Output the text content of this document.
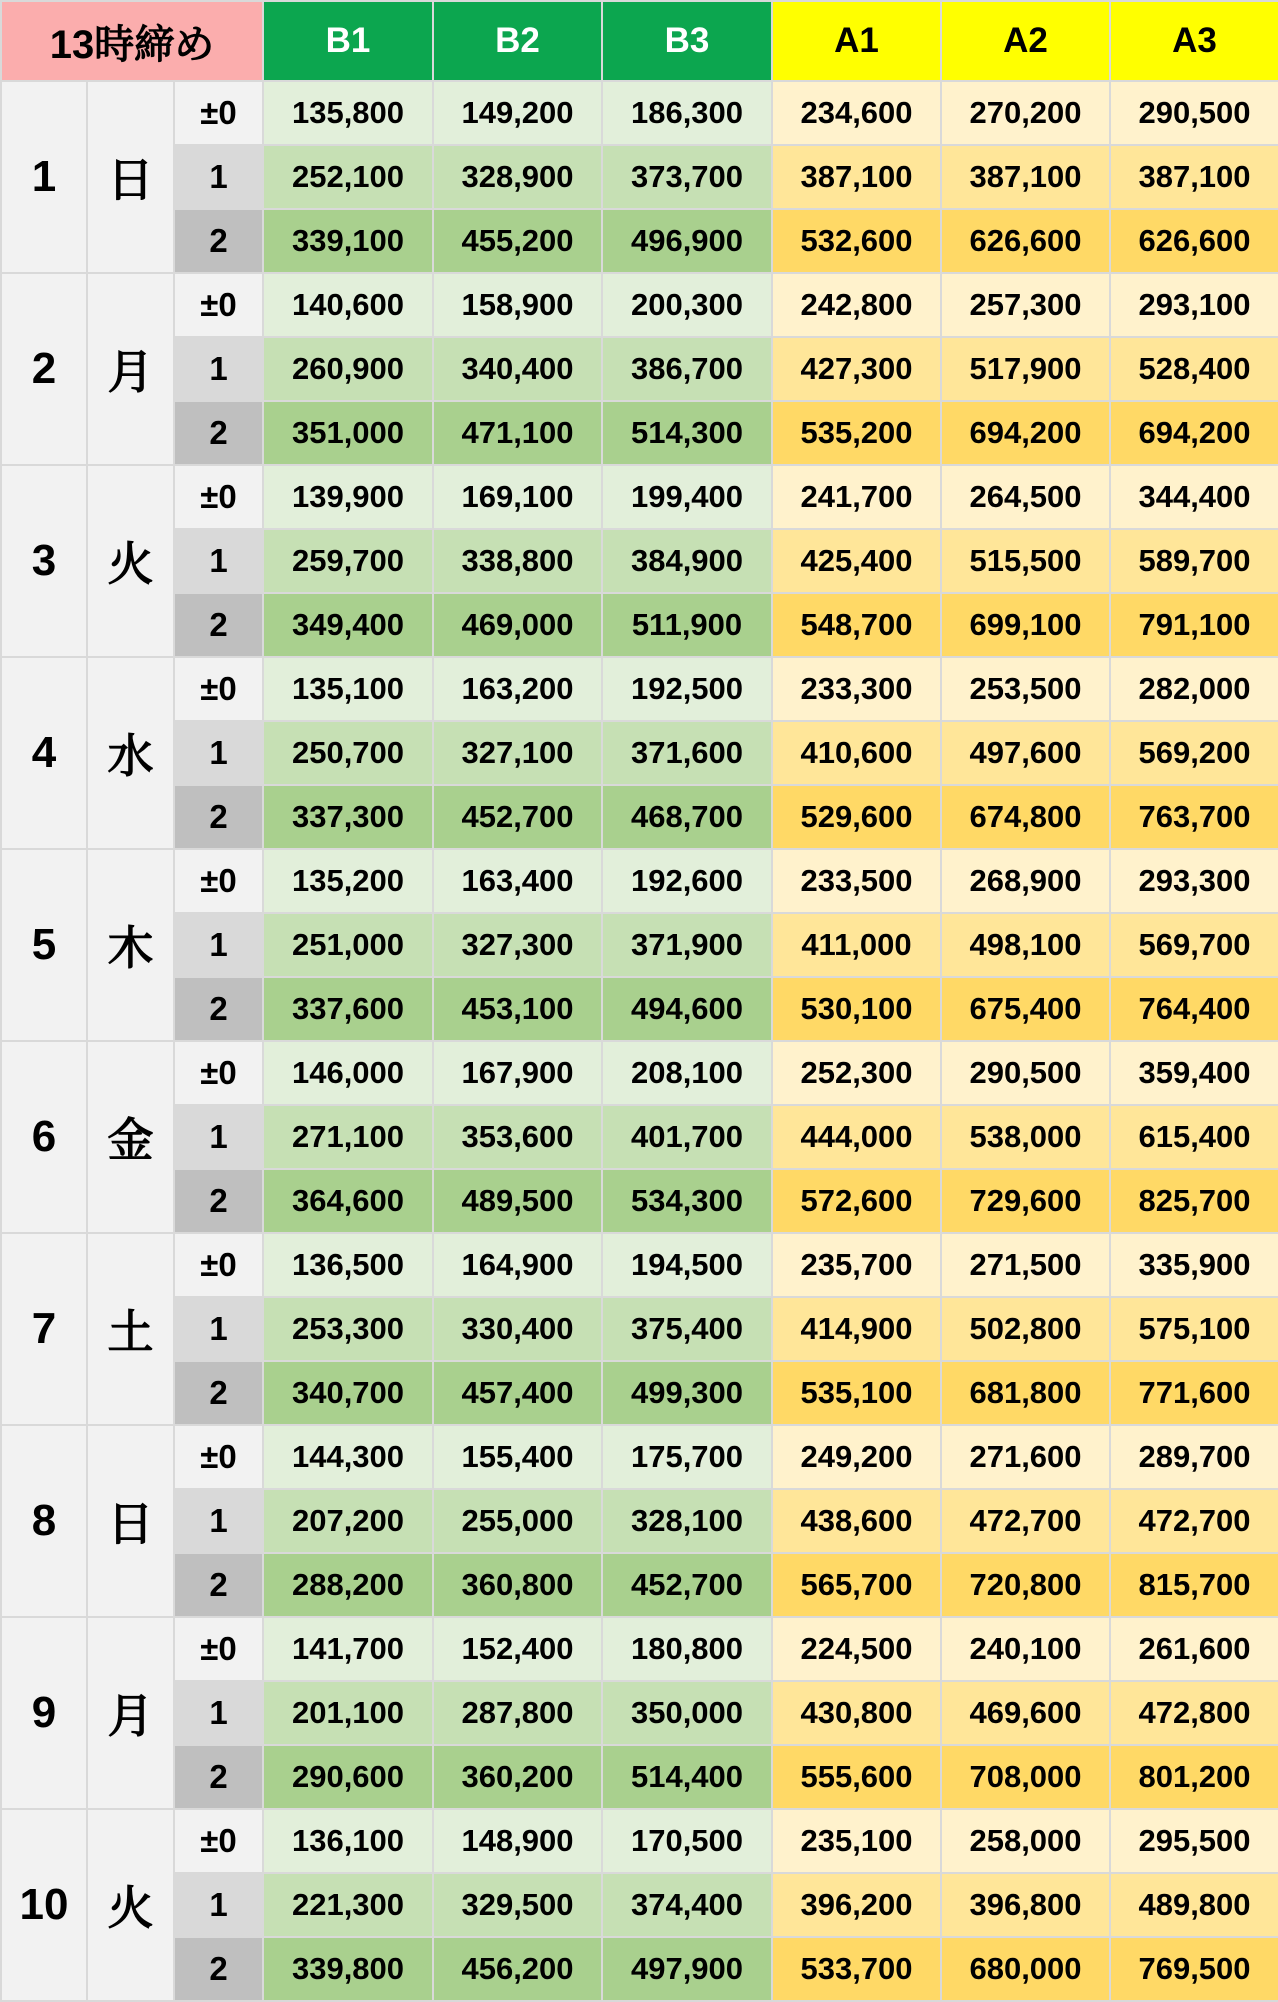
13時締め			B1	B2	B3	A1	A2	A3
1	日	±0	135,800	149,200	186,300	234,600	270,200	290,500
		1	252,100	328,900	373,700	387,100	387,100	387,100
		2	339,100	455,200	496,900	532,600	626,600	626,600
2	月	±0	140,600	158,900	200,300	242,800	257,300	293,100
		1	260,900	340,400	386,700	427,300	517,900	528,400
		2	351,000	471,100	514,300	535,200	694,200	694,200
3	火	±0	139,900	169,100	199,400	241,700	264,500	344,400
		1	259,700	338,800	384,900	425,400	515,500	589,700
		2	349,400	469,000	511,900	548,700	699,100	791,100
4	水	±0	135,100	163,200	192,500	233,300	253,500	282,000
		1	250,700	327,100	371,600	410,600	497,600	569,200
		2	337,300	452,700	468,700	529,600	674,800	763,700
5	木	±0	135,200	163,400	192,600	233,500	268,900	293,300
		1	251,000	327,300	371,900	411,000	498,100	569,700
		2	337,600	453,100	494,600	530,100	675,400	764,400
6	金	±0	146,000	167,900	208,100	252,300	290,500	359,400
		1	271,100	353,600	401,700	444,000	538,000	615,400
		2	364,600	489,500	534,300	572,600	729,600	825,700
7	土	±0	136,500	164,900	194,500	235,700	271,500	335,900
		1	253,300	330,400	375,400	414,900	502,800	575,100
		2	340,700	457,400	499,300	535,100	681,800	771,600
8	日	±0	144,300	155,400	175,700	249,200	271,600	289,700
		1	207,200	255,000	328,100	438,600	472,700	472,700
		2	288,200	360,800	452,700	565,700	720,800	815,700
9	月	±0	141,700	152,400	180,800	224,500	240,100	261,600
		1	201,100	287,800	350,000	430,800	469,600	472,800
		2	290,600	360,200	514,400	555,600	708,000	801,200
10	火	±0	136,100	148,900	170,500	235,100	258,000	295,500
		1	221,300	329,500	374,400	396,200	396,800	489,800
		2	339,800	456,200	497,900	533,700	680,000	769,500
